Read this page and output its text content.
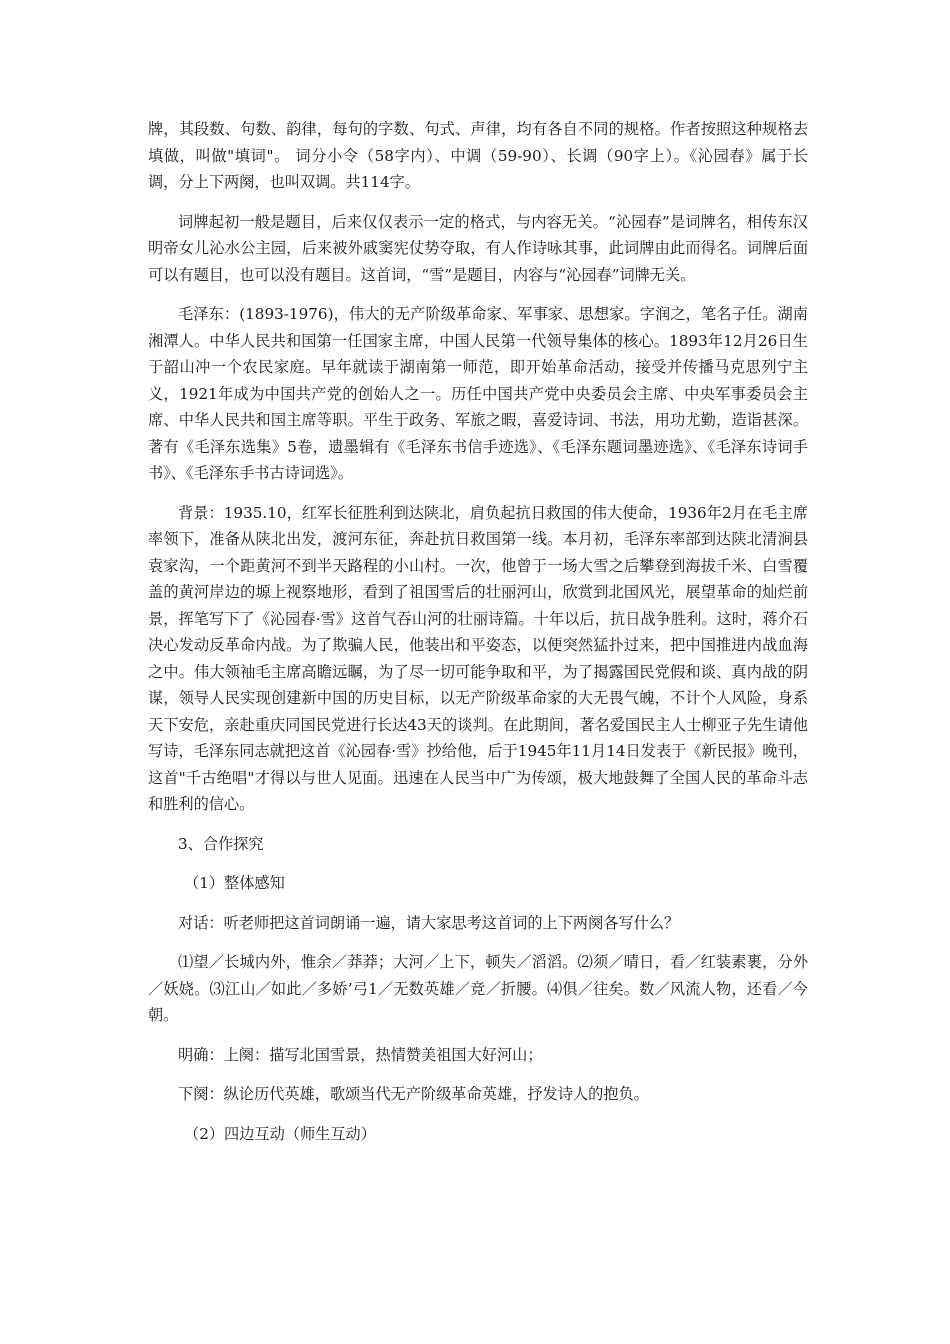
牌，其段数、句数、韵律，每句的字数、句式、声律，均有各自不同的规格。作者按照这种规格去填做，叫做"填词"。 词分小令（58字内）、中调（59-90）、长调（90字上）。《沁园春》属于长调，分上下两阕，也叫双调。共114字。

词牌起初一般是题目，后来仅仅表示一定的格式，与内容无关。“沁园春”是词牌名，相传东汉明帝女儿沁水公主园，后来被外戚窦宪仗势夺取，有人作诗咏其事，此词牌由此而得名。词牌后面可以有题目，也可以没有题目。这首词，“雪”是题目，内容与“沁园春”词牌无关。

毛泽东：(1893-1976)，伟大的无产阶级革命家、军事家、思想家。字润之，笔名子任。湖南湘潭人。中华人民共和国第一任国家主席，中国人民第一代领导集体的核心。1893年12月26日生于韶山冲一个农民家庭。早年就读于湖南第一师范，即开始革命活动，接受并传播马克思列宁主义，1921年成为中国共产党的创始人之一。历任中国共产党中央委员会主席、中央军事委员会主席、中华人民共和国主席等职。平生于政务、军旅之暇，喜爱诗词、书法，用功尤勤，造诣甚深。著有《毛泽东选集》5卷，遗墨辑有《毛泽东书信手迹选》、《毛泽东题词墨迹选》、《毛泽东诗词手书》、《毛泽东手书古诗词选》。

背景：1935.10，红军长征胜利到达陕北，肩负起抗日救国的伟大使命，1936年2月在毛主席率领下，准备从陕北出发，渡河东征，奔赴抗日救国第一线。本月初，毛泽东率部到达陕北清涧县袁家沟，一个距黄河不到半天路程的小山村。一次，他曾于一场大雪之后攀登到海拔千米、白雪覆盖的黄河岸边的塬上视察地形，看到了祖国雪后的壮丽河山，欣赏到北国风光，展望革命的灿烂前景，挥笔写下了《沁园春·雪》这首气吞山河的壮丽诗篇。十年以后，抗日战争胜利。这时，蒋介石决心发动反革命内战。为了欺骗人民，他装出和平姿态，以便突然猛扑过来，把中国推进内战血海之中。伟大领袖毛主席高瞻远瞩，为了尽一切可能争取和平，为了揭露国民党假和谈、真内战的阴谋，领导人民实现创建新中国的历史目标，以无产阶级革命家的大无畏气魄，不计个人风险，身系天下安危，亲赴重庆同国民党进行长达43天的谈判。在此期间，著名爱国民主人士柳亚子先生请他写诗，毛泽东同志就把这首《沁园春·雪》抄给他，后于1945年11月14日发表于《新民报》晚刊，这首"千古绝唱"才得以与世人见面。迅速在人民当中广为传颂，极大地鼓舞了全国人民的革命斗志和胜利的信心。

3、合作探究

（1）整体感知

对话：听老师把这首词朗诵一遍，请大家思考这首词的上下两阕各写什么？

⑴望／长城内外，惟余／莽莽；大河／上下，顿失／滔滔。⑵须／晴日，看／红装素裹，分外／妖娆。⑶江山／如此／多娇’弓1／无数英雄／竞／折腰。⑷俱／往矣。数／风流人物，还看／今朝。

明确：上阕：描写北国雪景，热情赞美祖国大好河山；

下阕：纵论历代英雄，歌颂当代无产阶级革命英雄，抒发诗人的抱负。

（2）四边互动（师生互动）
